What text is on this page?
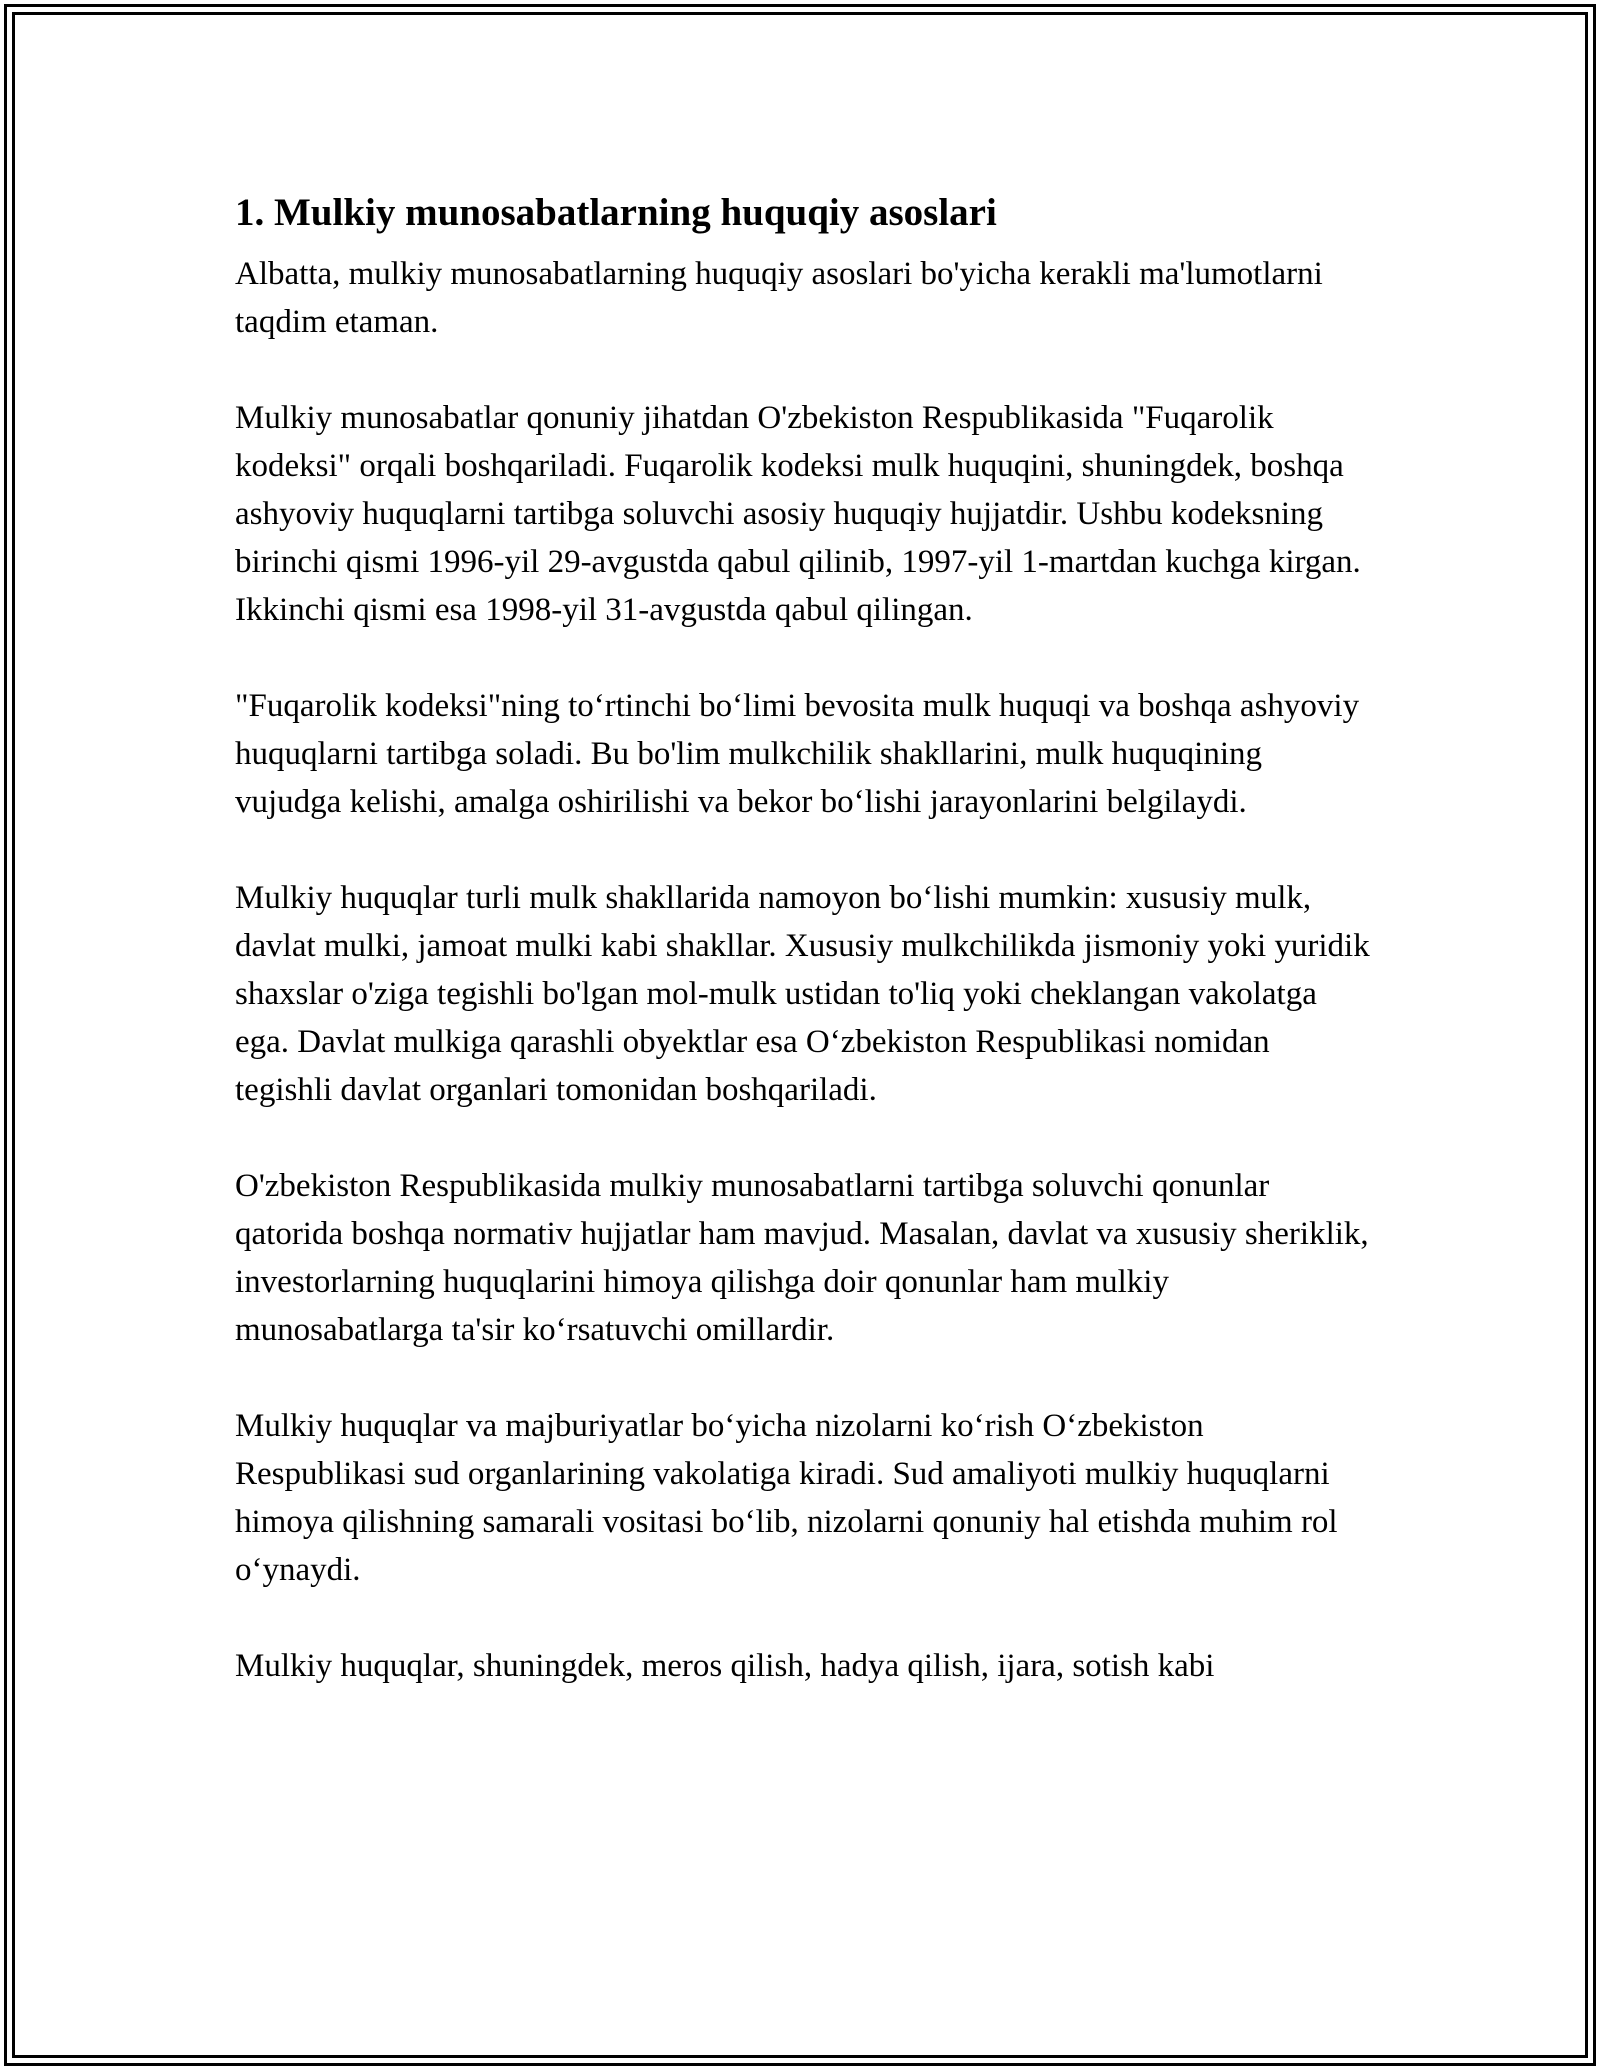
1. Mulkiy munosabatlarning huquqiy asoslari

Albatta, mulkiy munosabatlarning huquqiy asoslari bo'yicha kerakli ma'lumotlarni taqdim etaman.

Mulkiy munosabatlar qonuniy jihatdan O'zbekiston Respublikasida "Fuqarolik kodeksi" orqali boshqariladi. Fuqarolik kodeksi mulk huquqini, shuningdek, boshqa ashyoviy huquqlarni tartibga soluvchi asosiy huquqiy hujjatdir. Ushbu kodeksning birinchi qismi 1996-yil 29-avgustda qabul qilinib, 1997-yil 1-martdan kuchga kirgan. Ikkinchi qismi esa 1998-yil 31-avgustda qabul qilingan.

"Fuqarolik kodeksi"ning to‘rtinchi bo‘limi bevosita mulk huquqi va boshqa ashyoviy huquqlarni tartibga soladi. Bu bo'lim mulkchilik shakllarini, mulk huquqining vujudga kelishi, amalga oshirilishi va bekor bo‘lishi jarayonlarini belgilaydi.

Mulkiy huquqlar turli mulk shakllarida namoyon bo‘lishi mumkin: xususiy mulk, davlat mulki, jamoat mulki kabi shakllar. Xususiy mulkchilikda jismoniy yoki yuridik shaxslar o'ziga tegishli bo'lgan mol-mulk ustidan to'liq yoki cheklangan vakolatga ega. Davlat mulkiga qarashli obyektlar esa O‘zbekiston Respublikasi nomidan tegishli davlat organlari tomonidan boshqariladi.

O'zbekiston Respublikasida mulkiy munosabatlarni tartibga soluvchi qonunlar qatorida boshqa normativ hujjatlar ham mavjud. Masalan, davlat va xususiy sheriklik, investorlarning huquqlarini himoya qilishga doir qonunlar ham mulkiy munosabatlarga ta'sir ko‘rsatuvchi omillardir.

Mulkiy huquqlar va majburiyatlar bo‘yicha nizolarni ko‘rish O‘zbekiston Respublikasi sud organlarining vakolatiga kiradi. Sud amaliyoti mulkiy huquqlarni himoya qilishning samarali vositasi bo‘lib, nizolarni qonuniy hal etishda muhim rol o‘ynaydi.

Mulkiy huquqlar, shuningdek, meros qilish, hadya qilish, ijara, sotish kabi
